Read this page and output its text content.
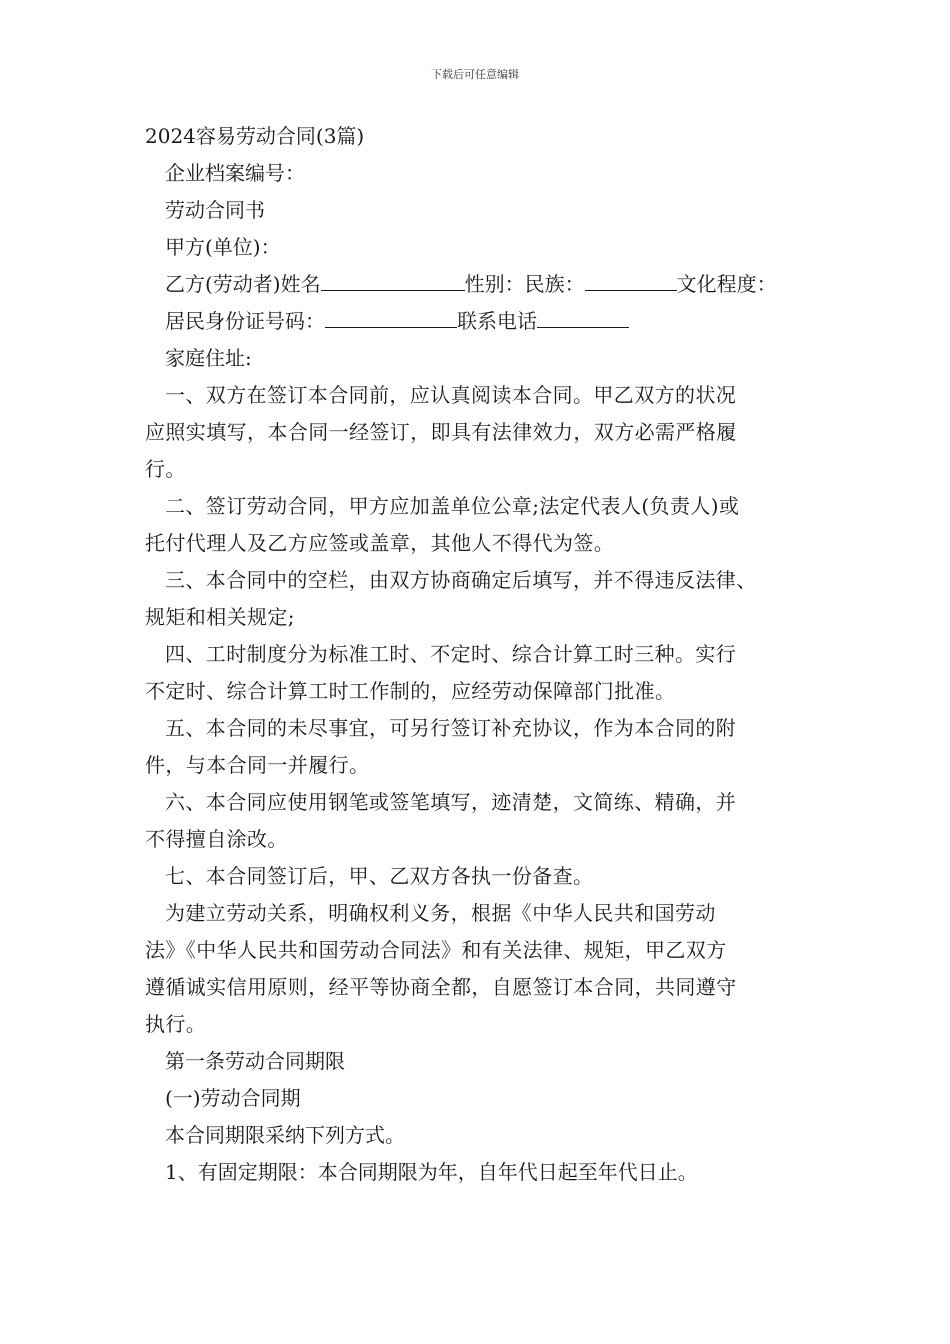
下载后可任意编辑
2024容易劳动合同(3篇)
企业档案编号：
劳动合同书
甲方(单位)：
乙方(劳动者)姓名	性别：民族：	文化程度：
居民身份证号码：	联系电话
家庭住址:
一、双方在签订本合同前，应认真阅读本合同。甲乙双方的状况
应照实填写，本合同一经签订，即具有法律效力，双方必需严格履
行。
二、签订劳动合同，甲方应加盖单位公章;法定代表人(负责人)或
托付代理人及乙方应签或盖章，其他人不得代为签。
三、本合同中的空栏，由双方协商确定后填写，并不得违反法律、
规矩和相关规定;
四、工时制度分为标准工时、不定时、综合计算工时三种。实行
不定时、综合计算工时工作制的，应经劳动保障部门批准。
五、本合同的未尽事宜，可另行签订补充协议，作为本合同的附
件，与本合同一并履行。
六、本合同应使用钢笔或签笔填写，迹清楚，文简练、精确，并
不得擅自涂改。
七、本合同签订后，甲、乙双方各执一份备查。
为建立劳动关系，明确权利义务，根据《中华人民共和国劳动
法》《中华人民共和国劳动合同法》和有关法律、规矩，甲乙双方
遵循诚实信用原则，经平等协商全都，自愿签订本合同，共同遵守
执行。
第一条劳动合同期限
(一)劳动合同期
本合同期限采纳下列方式。
1、有固定期限：本合同期限为年，自年代日起至年代日止。
